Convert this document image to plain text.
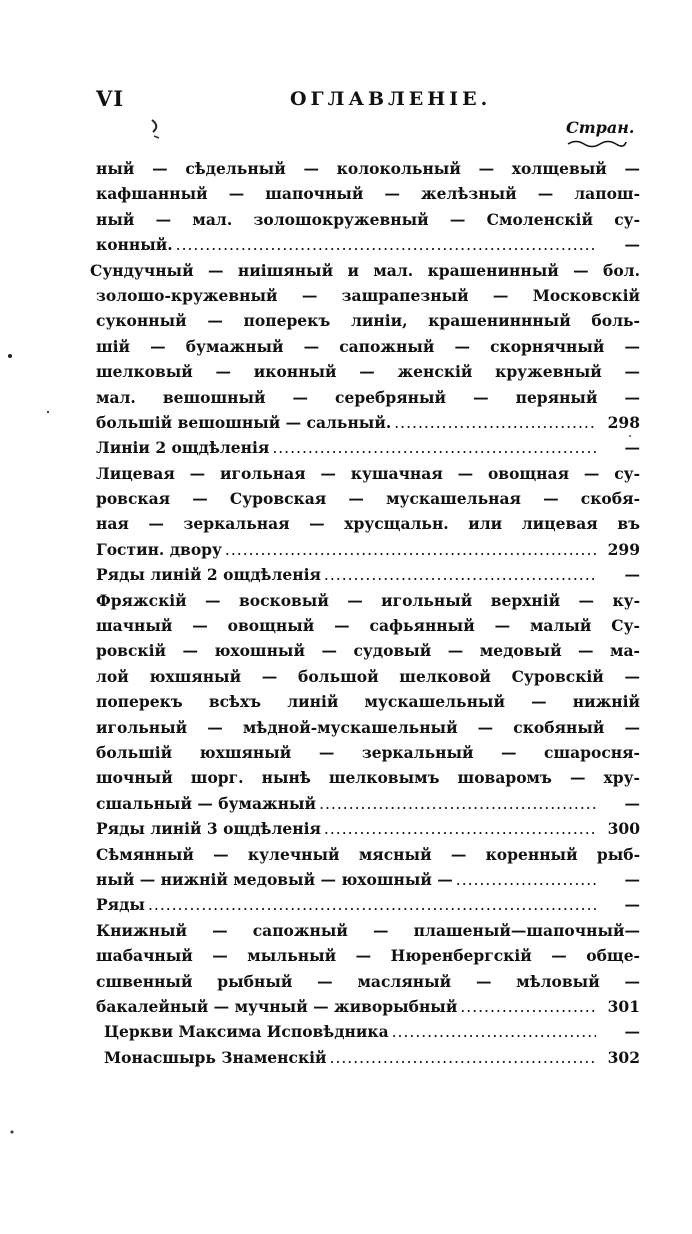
VI	ОГЛАВЛЕНІЕ.
Стран.
ный — сѣдельный — колокольный — холщевый —
кафшанный — шапочный — желѣзный — лапош-
ный — мал. золошокружевный — Смоленскій су-
конный. .....	—
Сундучный — ниішяный и мал. крашенинный — бол.
золошо-кружевный — зашрапезный — Московскій
суконный — поперекъ линіи, крашениннный боль-
шій — бумажный — сапожный — скорнячный —
шелковый — иконный — женскій кружевный —
мал. вешошный — серебряный — перяный —
большій вешошный — сальный. .....	298
Линіи 2 ощдѣленія .....	—
Лицевая — игольная — кушачная — овощная — су-
ровская — Суровская — мускашельная — скобя-
ная — зеркальная — хрусщальн. или лицевая въ
Гостин. двору .....	299
Ряды линій 2 ощдѣленія .....	—
Фряжскій — восковый — игольный верхній — ку-
шачный — овощный — сафьянный — малый Су-
ровскій — юхошный — судовый — медовый — ма-
лой юхшяный — большой шелковой Суровскій —
поперекъ всѣхъ линій мускашельный — нижній
игольный — мѣдной-мускашельный — скобяный —
большій юхшяный — зеркальный — сшаросня-
шочный шорг. нынѣ шелковымъ шоваромъ — хру-
сшальный — бумажный .....	—
Ряды линій 3 ощдѣленія .....	300
Сѣмянный — кулечный мясный — коренный рыб-
ный — нижній медовый — юхошный — .....	—
Ряды .....	—
Книжный — сапожный — плашеный—шапочный—
шабачный — мыльный — Нюренбергскій — обще-
сшвенный рыбный — масляный — мѣловый —
бакалейный — мучный — живорыбный .....	301
Церкви Максима Исповѣдника .....	—
Монасшырь Знаменскій .....	302
